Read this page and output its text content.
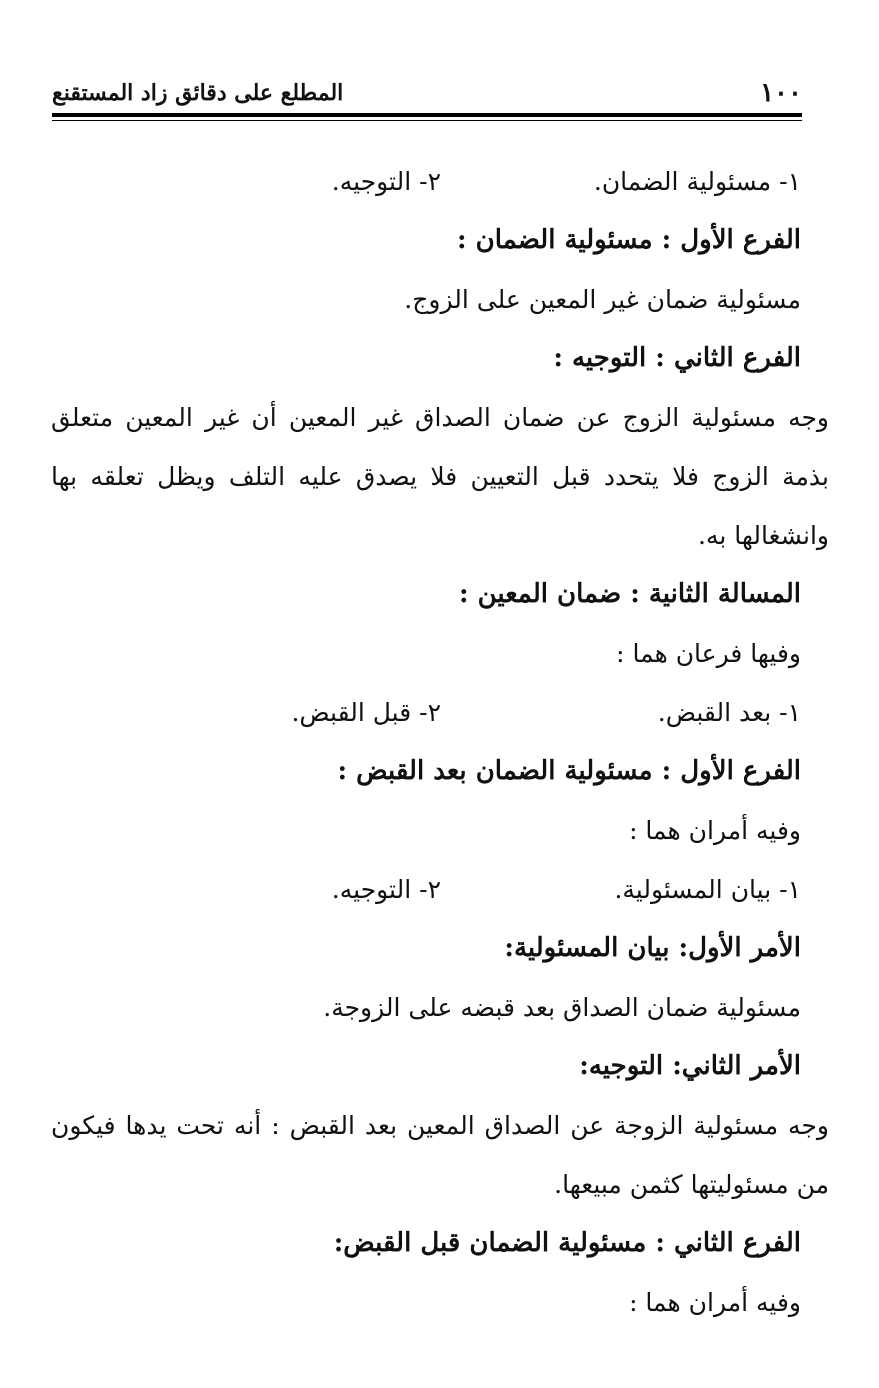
١٠٠
المطلع على دقائق زاد المستقنع
١- مسئولية الضمان.
٢- التوجيه.

الفرع الأول : مسئولية الضمان :

مسئولية ضمان غير المعين على الزوج.

الفرع الثاني : التوجيه :

وجه مسئولية الزوج عن ضمان الصداق غير المعين أن غير المعين متعلق بذمة الزوج فلا يتحدد قبل التعيين فلا يصدق عليه التلف ويظل تعلقه بها وانشغالها به.

المسالة الثانية : ضمان المعين :

وفيها فرعان هما :

١- بعد القبض.
٢- قبل القبض.

الفرع الأول : مسئولية الضمان بعد القبض :

وفيه أمران هما :

١- بيان المسئولية.
٢- التوجيه.

الأمر الأول: بيان المسئولية:

مسئولية ضمان الصداق بعد قبضه على الزوجة.

الأمر الثاني: التوجيه:

وجه مسئولية الزوجة عن الصداق المعين بعد القبض : أنه تحت يدها فيكون من مسئوليتها كثمن مبيعها.

الفرع الثاني : مسئولية الضمان قبل القبض:

وفيه أمران هما :
